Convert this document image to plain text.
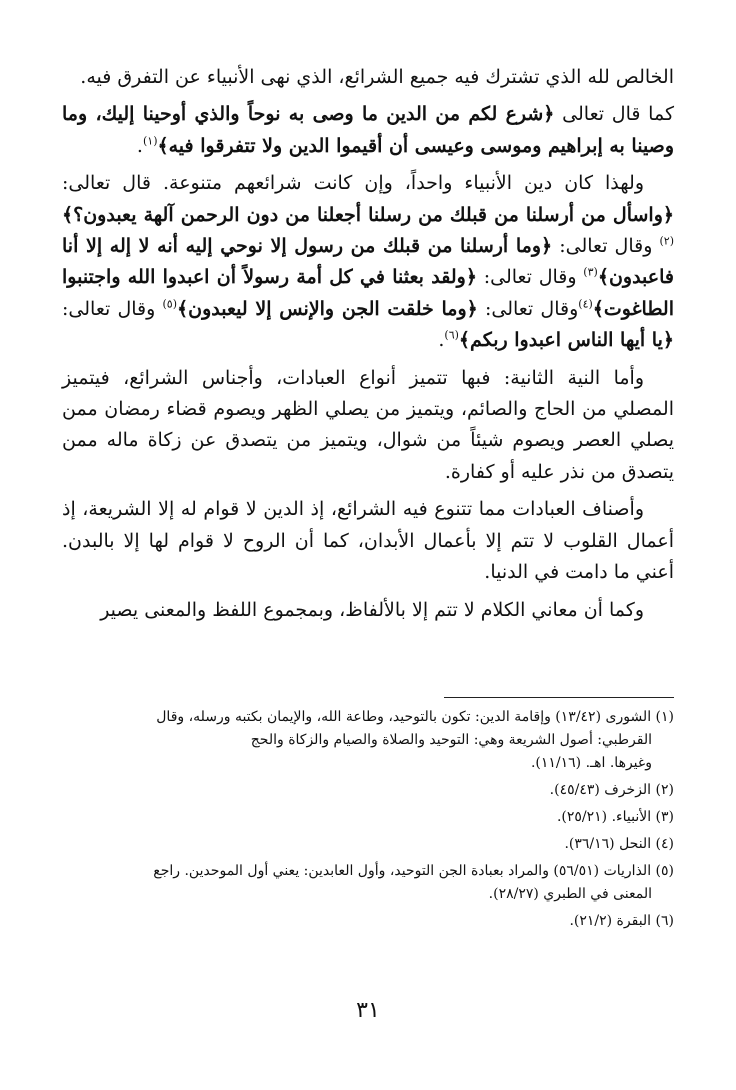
الخالص لله الذي تشترك فيه جميع الشرائع، الذي نهى الأنبياء عن التفرق فيه.

كما قال تعالى ﴿شرع لكم من الدين ما وصى به نوحاً والذي أوحينا إليك، وما وصينا به إبراهيم وموسى وعيسى أن أقيموا الدين ولا تتفرقوا فيه﴾$^{(١)}$.

ولهذا كان دين الأنبياء واحداً، وإن كانت شرائعهم متنوعة. قال تعالى: ﴿واسأل من أرسلنا من قبلك من رسلنا أجعلنا من دون الرحمن آلهة يعبدون؟﴾$^{(٢)}$ وقال تعالى: ﴿وما أرسلنا من قبلك من رسول إلا نوحي إليه أنه لا إله إلا أنا فاعبدون﴾$^{(٣)}$ وقال تعالى: ﴿ولقد بعثنا في كل أمة رسولاً أن اعبدوا الله واجتنبوا الطاغوت﴾$^{(٤)}$وقال تعالى: ﴿وما خلقت الجن والإنس إلا ليعبدون﴾$^{(٥)}$ وقال تعالى: ﴿يا أيها الناس اعبدوا ربكم﴾$^{(٦)}$.

وأما النية الثانية: فبها تتميز أنواع العبادات، وأجناس الشرائع، فيتميز المصلي من الحاج والصائم، ويتميز من يصلي الظهر ويصوم قضاء رمضان ممن يصلي العصر ويصوم شيئاً من شوال، ويتميز من يتصدق عن زكاة ماله ممن يتصدق من نذر عليه أو كفارة.

وأصناف العبادات مما تتنوع فيه الشرائع، إذ الدين لا قوام له إلا الشريعة، إذ أعمال القلوب لا تتم إلا بأعمال الأبدان، كما أن الروح لا قوام لها إلا بالبدن. أعني ما دامت في الدنيا.

وكما أن معاني الكلام لا تتم إلا بالألفاظ، وبمجموع اللفظ والمعنى يصير

(١) الشورى (١٣/٤٢) وإقامة الدين: تكون بالتوحيد، وطاعة الله، والإيمان بكتبه ورسله، وقال
القرطبي: أصول الشريعة وهي: التوحيد والصلاة والصيام والزكاة والحج
وغيرها. اهـ. (١١/١٦).
(٢) الزخرف (٤٥/٤٣).
(٣) الأنبياء. (٢٥/٢١).
(٤) النحل (٣٦/١٦).
(٥) الذاريات (٥٦/٥١) والمراد بعبادة الجن التوحيد، وأول العابدين: يعني أول الموحدين. راجع
المعنى في الطبري (٢٨/٢٧).
(٦) البقرة (٢١/٢).
٣١
